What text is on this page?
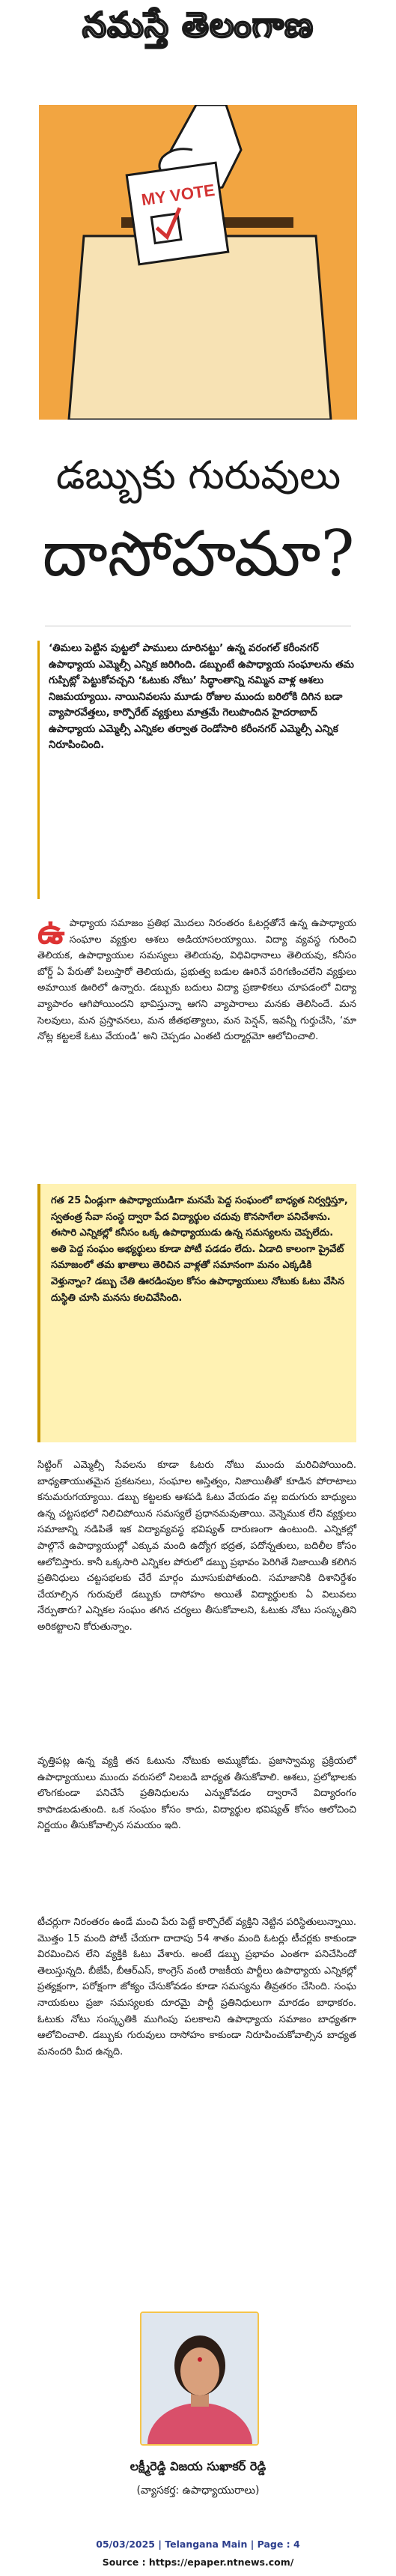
నమస్తే తెలంగాణ
MY VOTE
డబ్బుకు గురువులు
దాసోహమా?
‘తిమలు పెట్టిన పుట్టలో పాములు దూరినట్టు’ ఉన్న వరంగల్ కరీంనగర్ ఉపాధ్యాయ ఎమ్మెల్సీ ఎన్నిక జరిగింది. డబ్బుంటే ఉపాధ్యాయ సంఘాలను తమ గుప్పిట్లో పెట్టుకోవచ్చని ‘ఓటుకు నోటు’ సిద్ధాంతాన్ని నమ్మిన వాళ్ల ఆశలు నిజమయ్యాయి. నాయినివలసు మూడు రోజుల ముందు బరిలోకి దిగిన బడా వ్యాపారవేత్తలు, కార్పొరేట్ వ్యక్తులు మాత్రమే గెలుపొందిన హైదరాబాద్ ఉపాధ్యాయ ఎమ్మెల్సీ ఎన్నికల తర్వాత రెండోసారి కరీంనగర్ ఎమ్మెల్సీ ఎన్నిక నిరూపించింది.
ఉపాధ్యాయ సమాజం ప్రతిభ మొదలు నిరంతరం ఓటర్లతోనే ఉన్న ఉపాధ్యాయ సంఘాల వ్యక్తుల ఆశలు అడియాసలయ్యాయి. విద్యా వ్యవస్థ గురించి తెలియక, ఉపాధ్యాయుల సమస్యలు తెలియవు, విధివిధానాలు తెలియవు, కనీసం బోర్డ్ ఏ పేరుతో పిలుస్తారో తెలియదు, ప్రభుత్వ బడుల ఊరినే పరిగణించలేని వ్యక్తులు అమాయిక ఊరిలో ఉన్నారు. డబ్బుకు బదులు విద్యా ప్రణాళికలు చూపడంలో విద్యా వ్యాపారం ఆగిపోయిందని భావిస్తున్నా ఆగని వ్యాపారాలు మనకు తెలిసిందే. మన సెలవులు, మన ప్రస్తావనలు, మన జీతభత్యాలు, మన పెన్షన్, ఇవన్నీ గుర్తుచేసి, ‘మా నోట్ల కట్టలకే ఓటు వేయండి’ అని చెప్పడం ఎంతటి దుర్మార్గమో ఆలోచించాలి.
గత 25 ఏండ్లుగా ఉపాధ్యాయుడిగా మనమే పెద్ద సంఘంలో బాధ్యత నిర్వర్తిస్తూ, స్వతంత్ర సేవా సంస్థ ద్వారా పేద విద్యార్థుల చదువు కొనసాగేలా పనిచేశాను. ఈసారి ఎన్నికల్లో కనీసం ఒక్క ఉపాధ్యాయుడు ఉన్న సమస్యలను చెప్పలేదు. అతి పెద్ద సంఘం అభ్యర్థులు కూడా పోటీ పడడం లేదు. ఏడాది కాలంగా ప్రైవేట్ సమాజంలో తమ ఖాతాలు తెరిచిన వాళ్లతో సమానంగా మనం ఎక్కడికి వెళ్తున్నాం? డబ్బు చేతి ఊరడింపుల కోసం ఉపాధ్యాయులు నోటుకు ఓటు వేసిన దుస్థితి చూసి మనసు కలచివేసింది.
సిట్టింగ్ ఎమ్మెల్సీ సేవలను కూడా ఓటరు నోటు ముందు మరిచిపోయింది. బాధ్యతాయుతమైన ప్రకటనలు, సంఘాల అస్తిత్వం, నిజాయితీతో కూడిన పోరాటాలు కనుమరుగయ్యాయి. డబ్బు కట్టలకు ఆశపడి ఓటు వేయడం వల్ల ఐదుగురు బాధ్యులు ఉన్న చట్టసభలో నిలిచిపోయిన సమస్యలే ప్రధానమవుతాయి. వెన్నెముక లేని వ్యక్తులు సమాజాన్ని నడిపితే ఇక విద్యావ్యవస్థ భవిష్యత్ దారుణంగా ఉంటుంది. ఎన్నికల్లో పాల్గొనే ఉపాధ్యాయుల్లో ఎక్కువ మంది ఉద్యోగ భద్రత, పదోన్నతులు, బదిలీల కోసం ఆలోచిస్తారు. కానీ ఒక్కసారి ఎన్నికల పోరులో డబ్బు ప్రభావం పెరిగితే నిజాయితీ కలిగిన ప్రతినిధులు చట్టసభలకు చేరే మార్గం మూసుకుపోతుంది. సమాజానికి దిశానిర్దేశం చేయాల్సిన గురువులే డబ్బుకు దాసోహం అయితే విద్యార్థులకు ఏ విలువలు నేర్పుతారు? ఎన్నికల సంఘం తగిన చర్యలు తీసుకోవాలని, ఓటుకు నోటు సంస్కృతిని అరికట్టాలని కోరుతున్నాం.
వృత్తిపట్ల ఉన్న వ్యక్తి తన ఓటును నోటుకు అమ్ముకోడు. ప్రజాస్వామ్య ప్రక్రియలో ఉపాధ్యాయులు ముందు వరుసలో నిలబడి బాధ్యత తీసుకోవాలి. ఆశలు, ప్రలోభాలకు లొంగకుండా పనిచేసే ప్రతినిధులను ఎన్నుకోవడం ద్వారానే విద్యారంగం కాపాడబడుతుంది. ఒక సంఘం కోసం కాదు, విద్యార్థుల భవిష్యత్ కోసం ఆలోచించి నిర్ణయం తీసుకోవాల్సిన సమయం ఇది.
టీచర్లుగా నిరంతరం ఉండే మంచి పేరు పెట్టే కార్పొరేట్ వ్యక్తిని నెట్టిన పరిస్థితులున్నాయి. మొత్తం 15 మంది పోటీ చేయగా దాదాపు 54 శాతం మంది ఓటర్లు టీచర్లకు కాకుండా విరమించిన లేని వ్యక్తికి ఓటు వేశారు. అంటే డబ్బు ప్రభావం ఎంతగా పనిచేసిందో తెలుస్తున్నది. బీజేపీ, బీఆర్ఎస్, కాంగ్రెస్ వంటి రాజకీయ పార్టీలు ఉపాధ్యాయ ఎన్నికల్లో ప్రత్యక్షంగా, పరోక్షంగా జోక్యం చేసుకోవడం కూడా సమస్యను తీవ్రతరం చేసింది. సంఘ నాయకులు ప్రజా సమస్యలకు దూరమై పార్టీ ప్రతినిధులుగా మారడం బాధాకరం. ఓటుకు నోటు సంస్కృతికి ముగింపు పలకాలని ఉపాధ్యాయ సమాజం బాధ్యతగా ఆలోచించాలి. డబ్బుకు గురువులు దాసోహం కాకుండా నిరూపించుకోవాల్సిన బాధ్యత మనందరి మీద ఉన్నది.
లక్ష్మీరెడ్డి విజయ సుఖాకర్ రెడ్డి
(వ్యాసకర్త: ఉపాధ్యాయురాలు)
05/03/2025 | Telangana Main | Page : 4
Source : https://epaper.ntnews.com/
